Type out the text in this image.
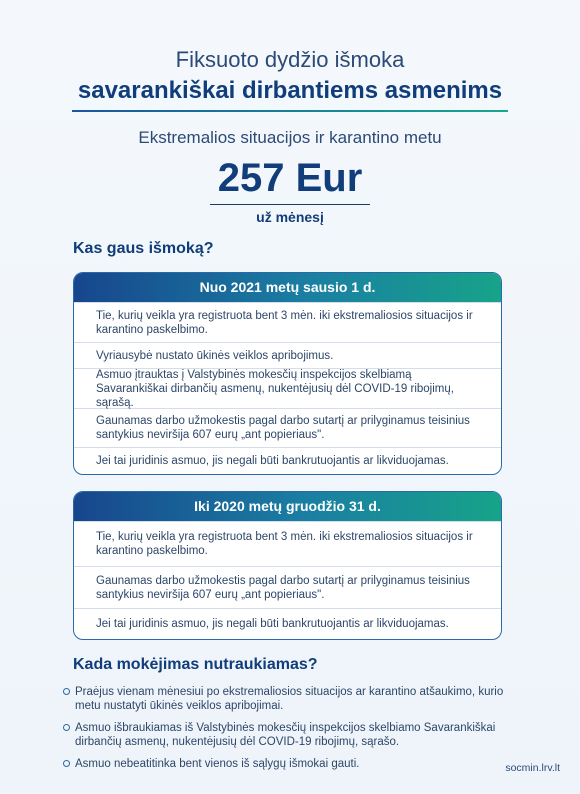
Fiksuoto dydžio išmoka
savarankiškai dirbantiems asmenims
Ekstremalios situacijos ir karantino metu
257 Eur
už mėnesį
Kas gaus išmoką?
Nuo 2021 metų sausio 1 d.
Tie, kurių veikla yra registruota bent 3 mėn. iki ekstremaliosios situacijos ir karantino paskelbimo.
Vyriausybė nustato ūkinės veiklos apribojimus.
Asmuo įtrauktas į Valstybinės mokesčių inspekcijos skelbiamą Savarankiškai dirbančių asmenų, nukentėjusių dėl COVID-19 ribojimų, sąrašą.
Gaunamas darbo užmokestis pagal darbo sutartį ar prilyginamus teisinius santykius neviršija 607 eurų „ant popieriaus".
Jei tai juridinis asmuo, jis negali būti bankrutuojantis ar likviduojamas.
Iki 2020 metų gruodžio 31 d.
Tie, kurių veikla yra registruota bent 3 mėn. iki ekstremaliosios situacijos ir karantino paskelbimo.
Gaunamas darbo užmokestis pagal darbo sutartį ar prilyginamus teisinius santykius neviršija 607 eurų „ant popieriaus".
Jei tai juridinis asmuo, jis negali būti bankrutuojantis ar likviduojamas.
Kada mokėjimas nutraukiamas?
Praėjus vienam mėnesiui po ekstremaliosios situacijos ar karantino atšaukimo, kurio metu nustatyti ūkinės veiklos apribojimai.
Asmuo išbraukiamas iš Valstybinės mokesčių inspekcijos skelbiamo Savarankiškai dirbančių asmenų, nukentėjusių dėl COVID-19 ribojimų, sąrašo.
Asmuo nebeatitinka bent vienos iš sąlygų išmokai gauti.	socmin.lrv.lt
